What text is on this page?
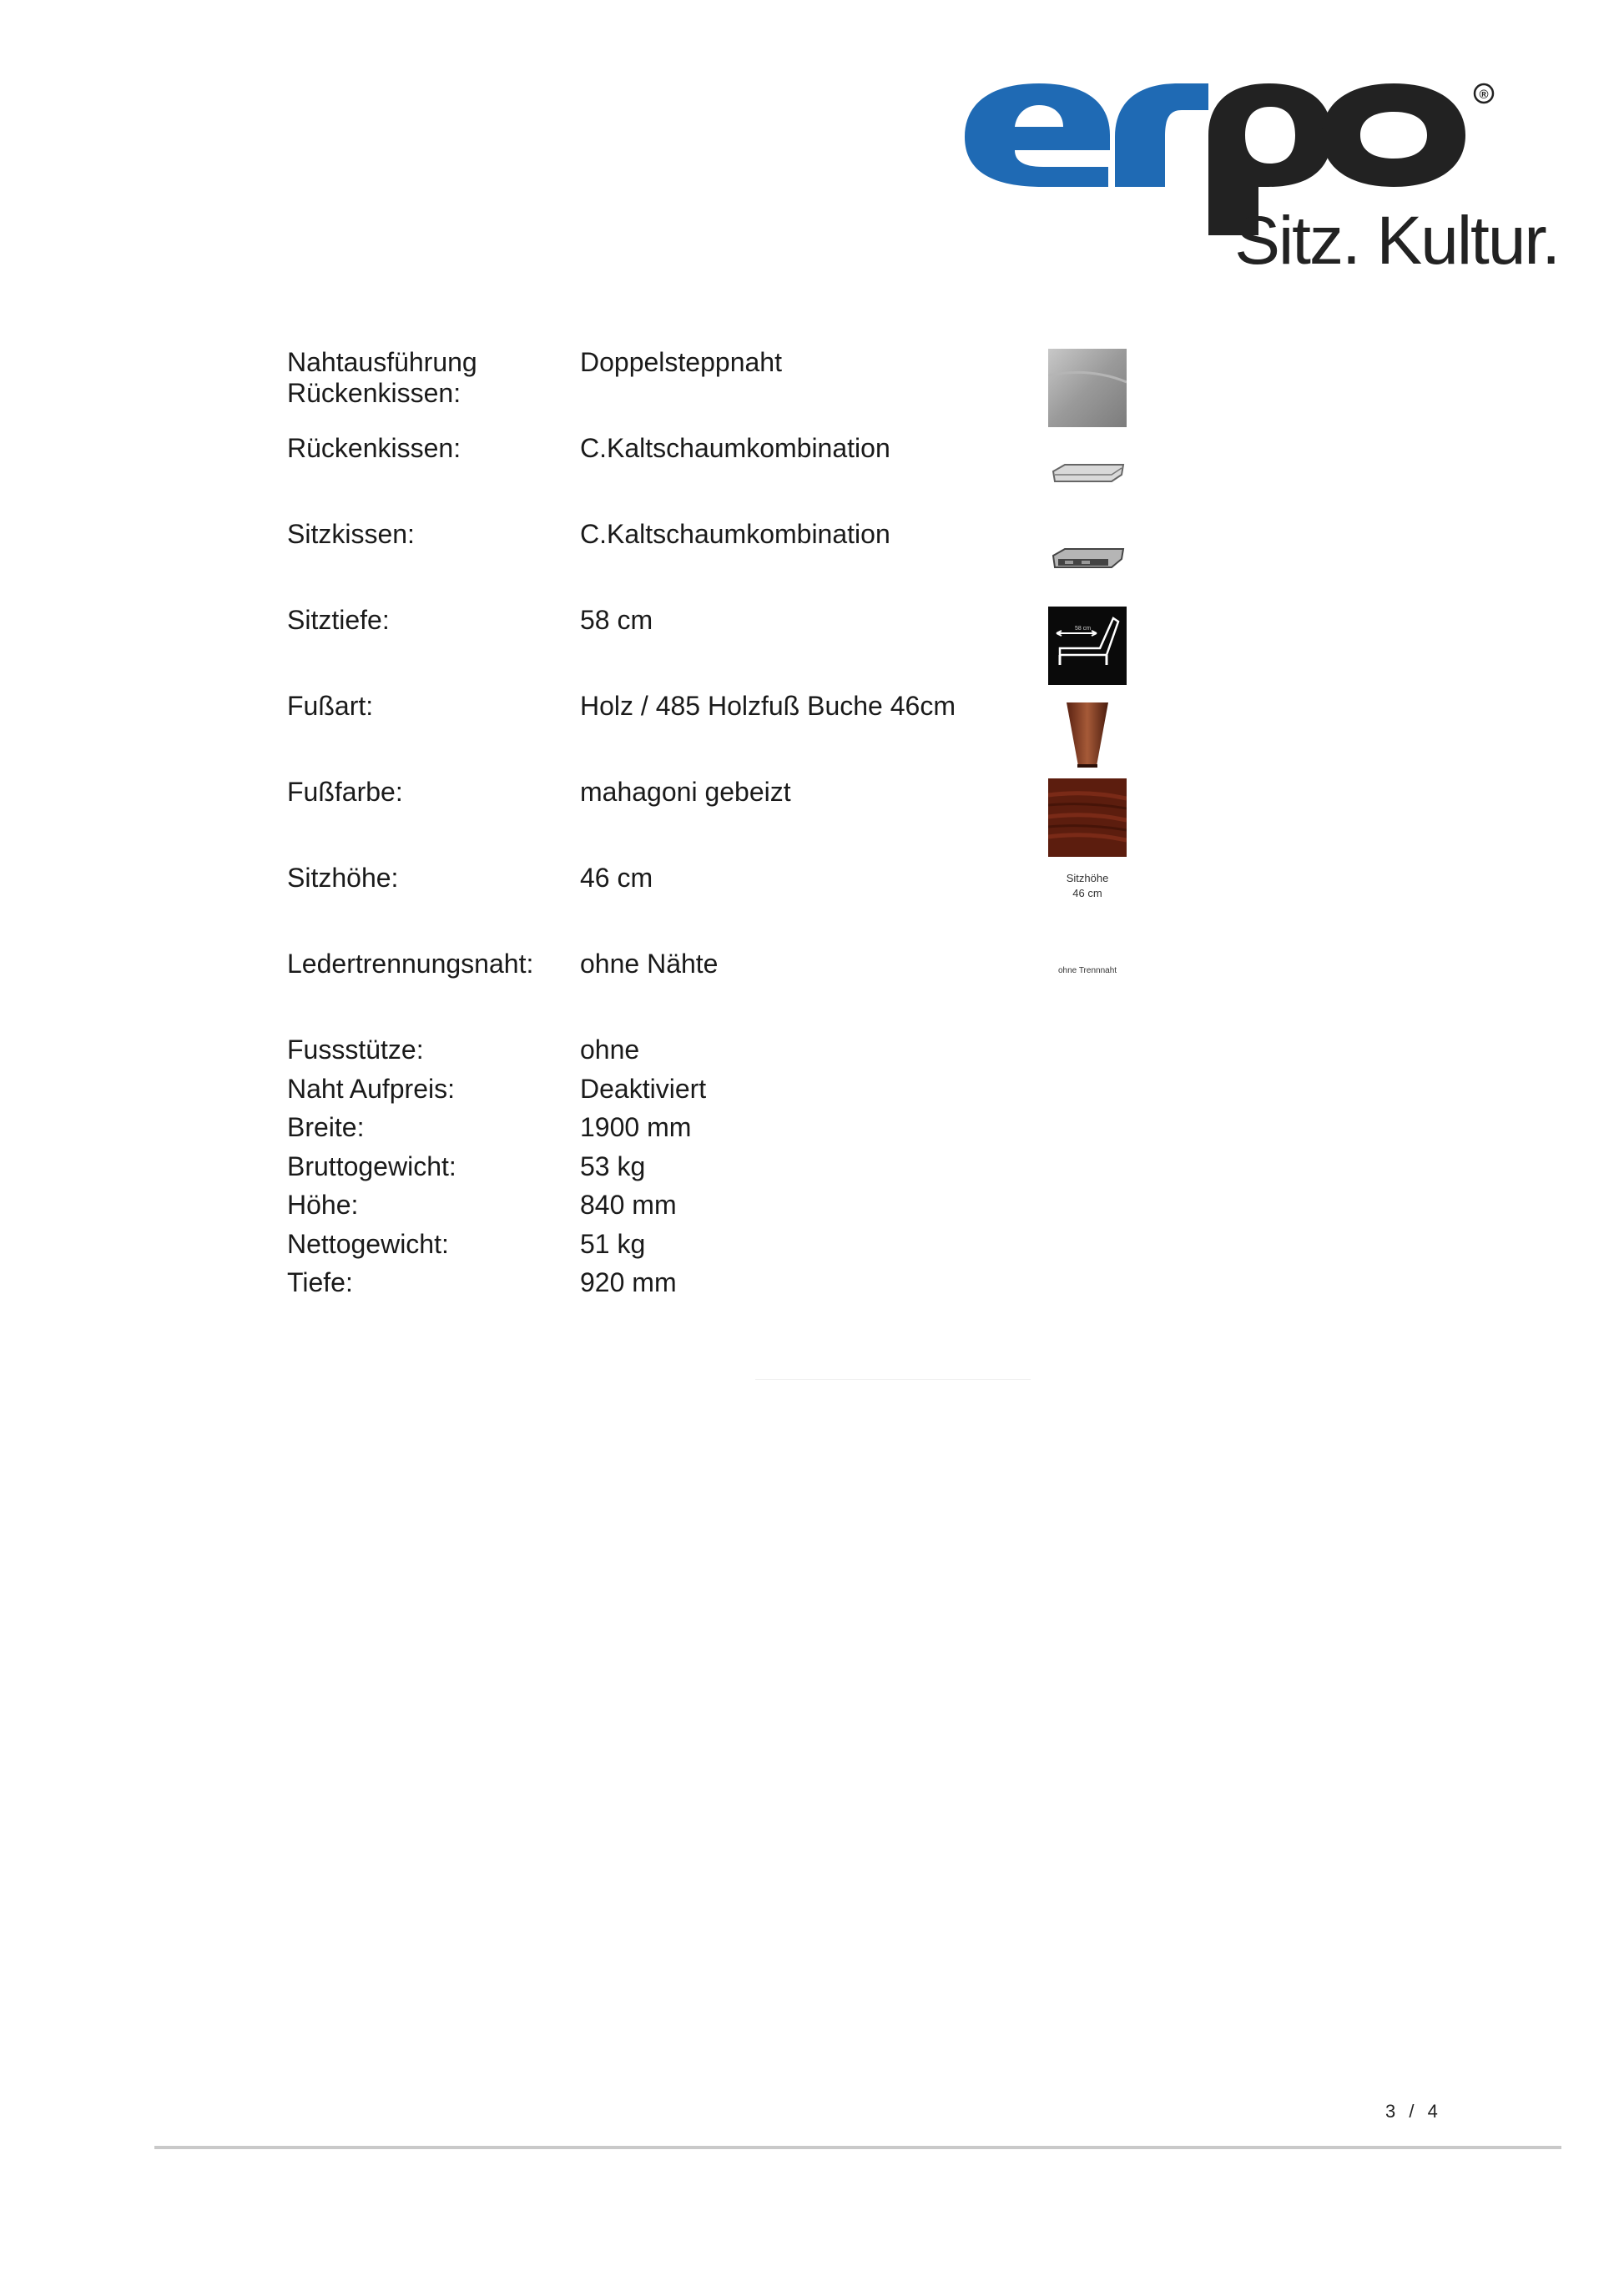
®
Sitz. Kultur.
Nahtausführung Rückenkissen:
Doppelsteppnaht
Rückenkissen:	C.Kaltschaumkombination
Sitzkissen:	C.Kaltschaumkombination
Sitztiefe:	58 cm	58 cm
Fußart:	Holz / 485 Holzfuß Buche 46cm
Fußfarbe:	mahagoni gebeizt
Sitzhöhe:	46 cm	Sitzhöhe
46 cm
Ledertrennungsnaht:	ohne Nähte	ohne Trennnaht
Fussstütze:	ohne
Naht Aufpreis:	Deaktiviert
Breite:	1900 mm
Bruttogewicht:	53 kg
Höhe:	840 mm
Nettogewicht:	51 kg
Tiefe:	920 mm
3 / 4
